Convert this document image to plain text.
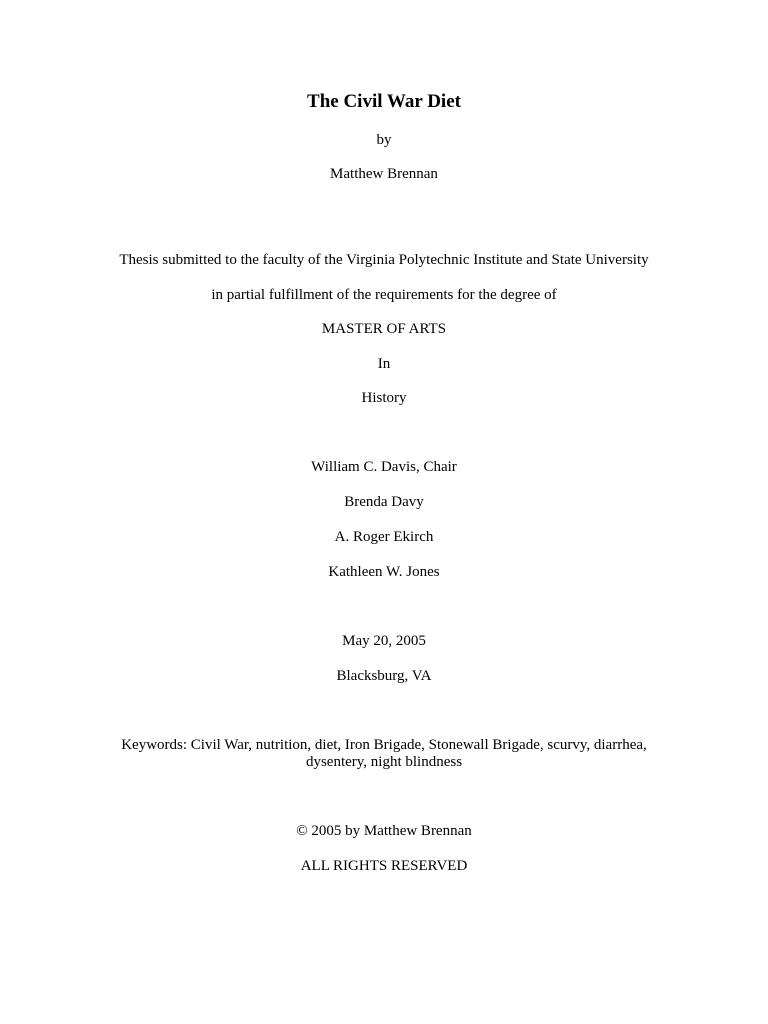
The Civil War Diet
by
Matthew Brennan
Thesis submitted to the faculty of the Virginia Polytechnic Institute and State University
in partial fulfillment of the requirements for the degree of
MASTER OF ARTS
In
History
William C. Davis, Chair
Brenda Davy
A. Roger Ekirch
Kathleen W. Jones
May 20, 2005
Blacksburg, VA
Keywords: Civil War, nutrition, diet, Iron Brigade, Stonewall Brigade, scurvy, diarrhea, dysentery, night blindness
© 2005 by Matthew Brennan
ALL RIGHTS RESERVED
